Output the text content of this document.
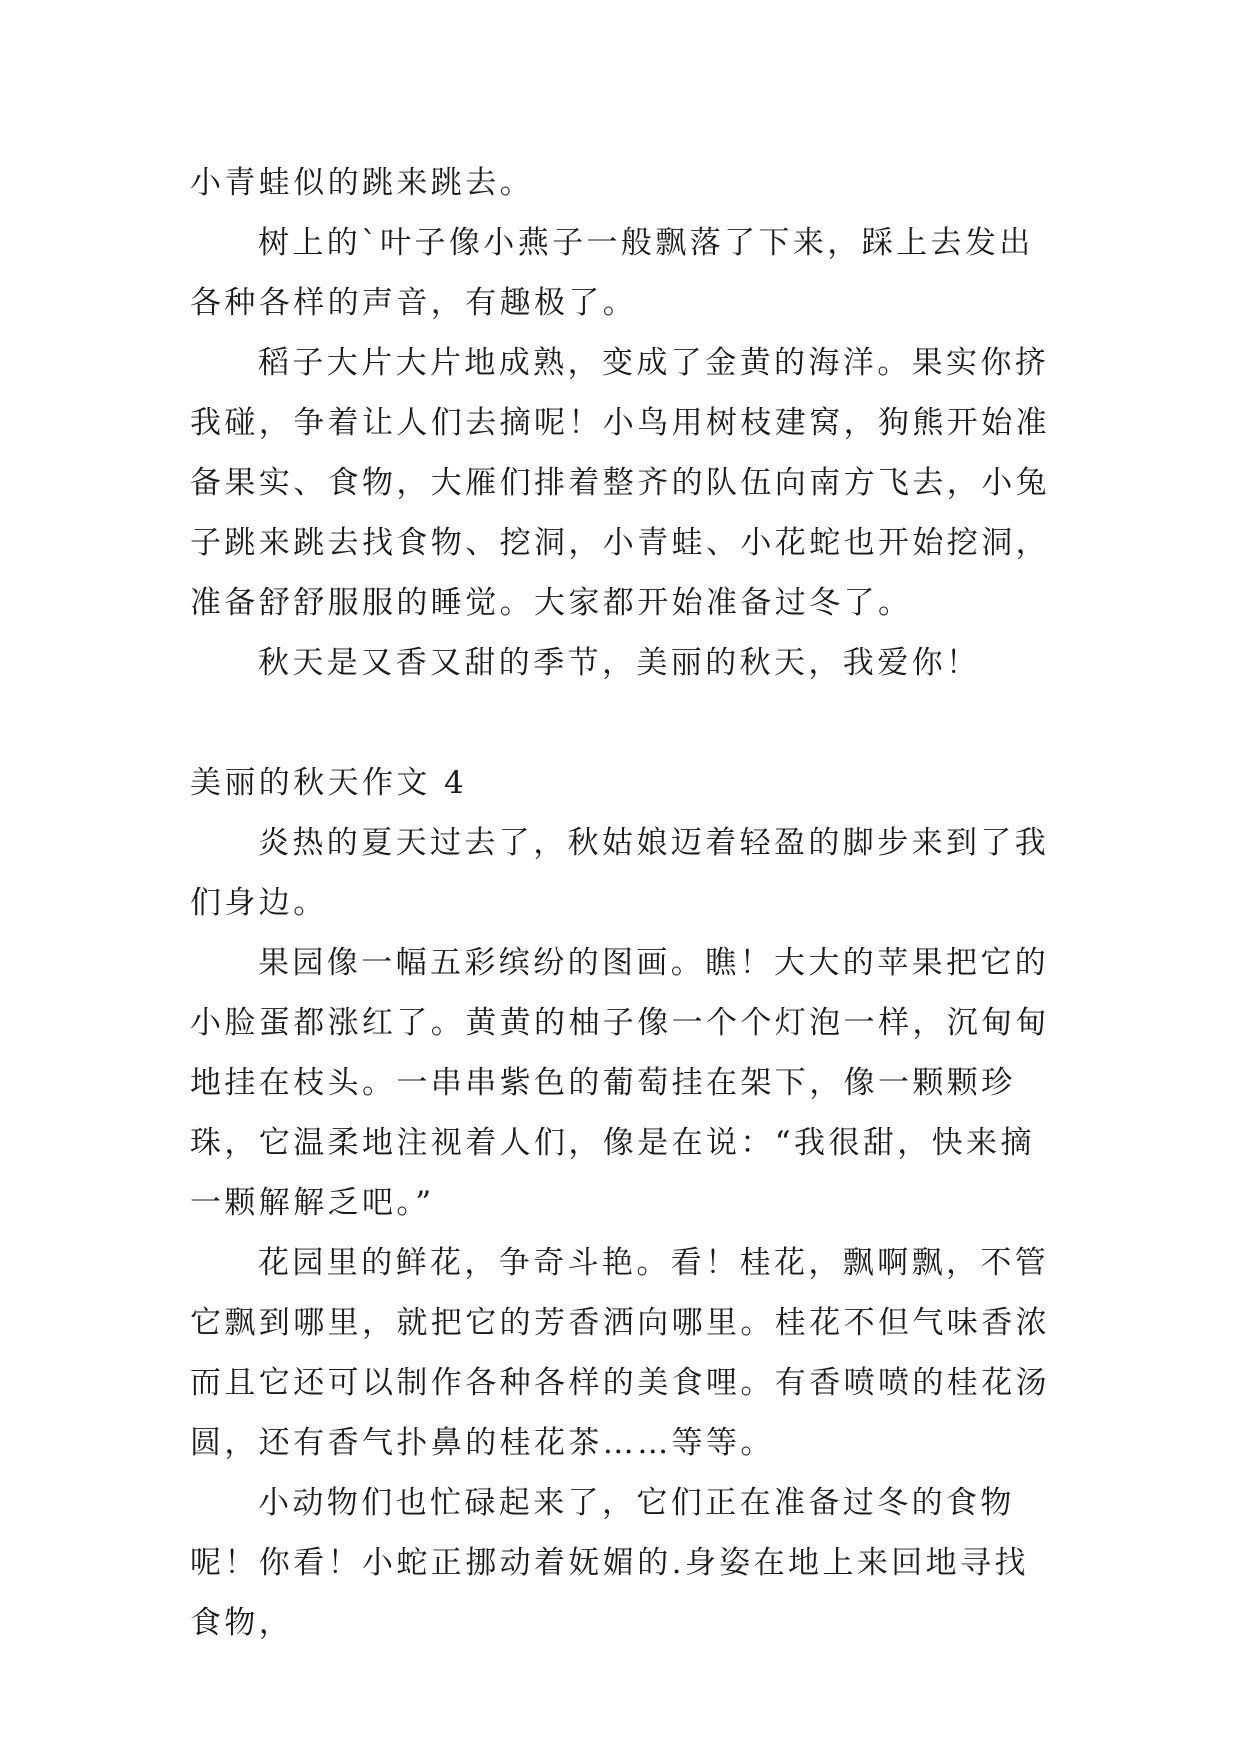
小青蛙似的跳来跳去。

树上的`叶子像小燕子一般飘落了下来，踩上去发出各种各样的声音，有趣极了。

稻子大片大片地成熟，变成了金黄的海洋。果实你挤我碰，争着让人们去摘呢！小鸟用树枝建窝，狗熊开始准备果实、食物，大雁们排着整齐的队伍向南方飞去，小兔子跳来跳去找食物、挖洞，小青蛙、小花蛇也开始挖洞，准备舒舒服服的睡觉。大家都开始准备过冬了。

秋天是又香又甜的季节，美丽的秋天，我爱你！

美丽的秋天作文 4

炎热的夏天过去了，秋姑娘迈着轻盈的脚步来到了我们身边。

果园像一幅五彩缤纷的图画。瞧！大大的苹果把它的小脸蛋都涨红了。黄黄的柚子像一个个灯泡一样，沉甸甸地挂在枝头。一串串紫色的葡萄挂在架下，像一颗颗珍珠，它温柔地注视着人们，像是在说：“我很甜，快来摘一颗解解乏吧。”

花园里的鲜花，争奇斗艳。看！桂花，飘啊飘，不管它飘到哪里，就把它的芳香洒向哪里。桂花不但气味香浓而且它还可以制作各种各样的美食哩。有香喷喷的桂花汤圆，还有香气扑鼻的桂花茶……等等。

小动物们也忙碌起来了，它们正在准备过冬的食物呢！你看！小蛇正挪动着妩媚的.身姿在地上来回地寻找食物，
